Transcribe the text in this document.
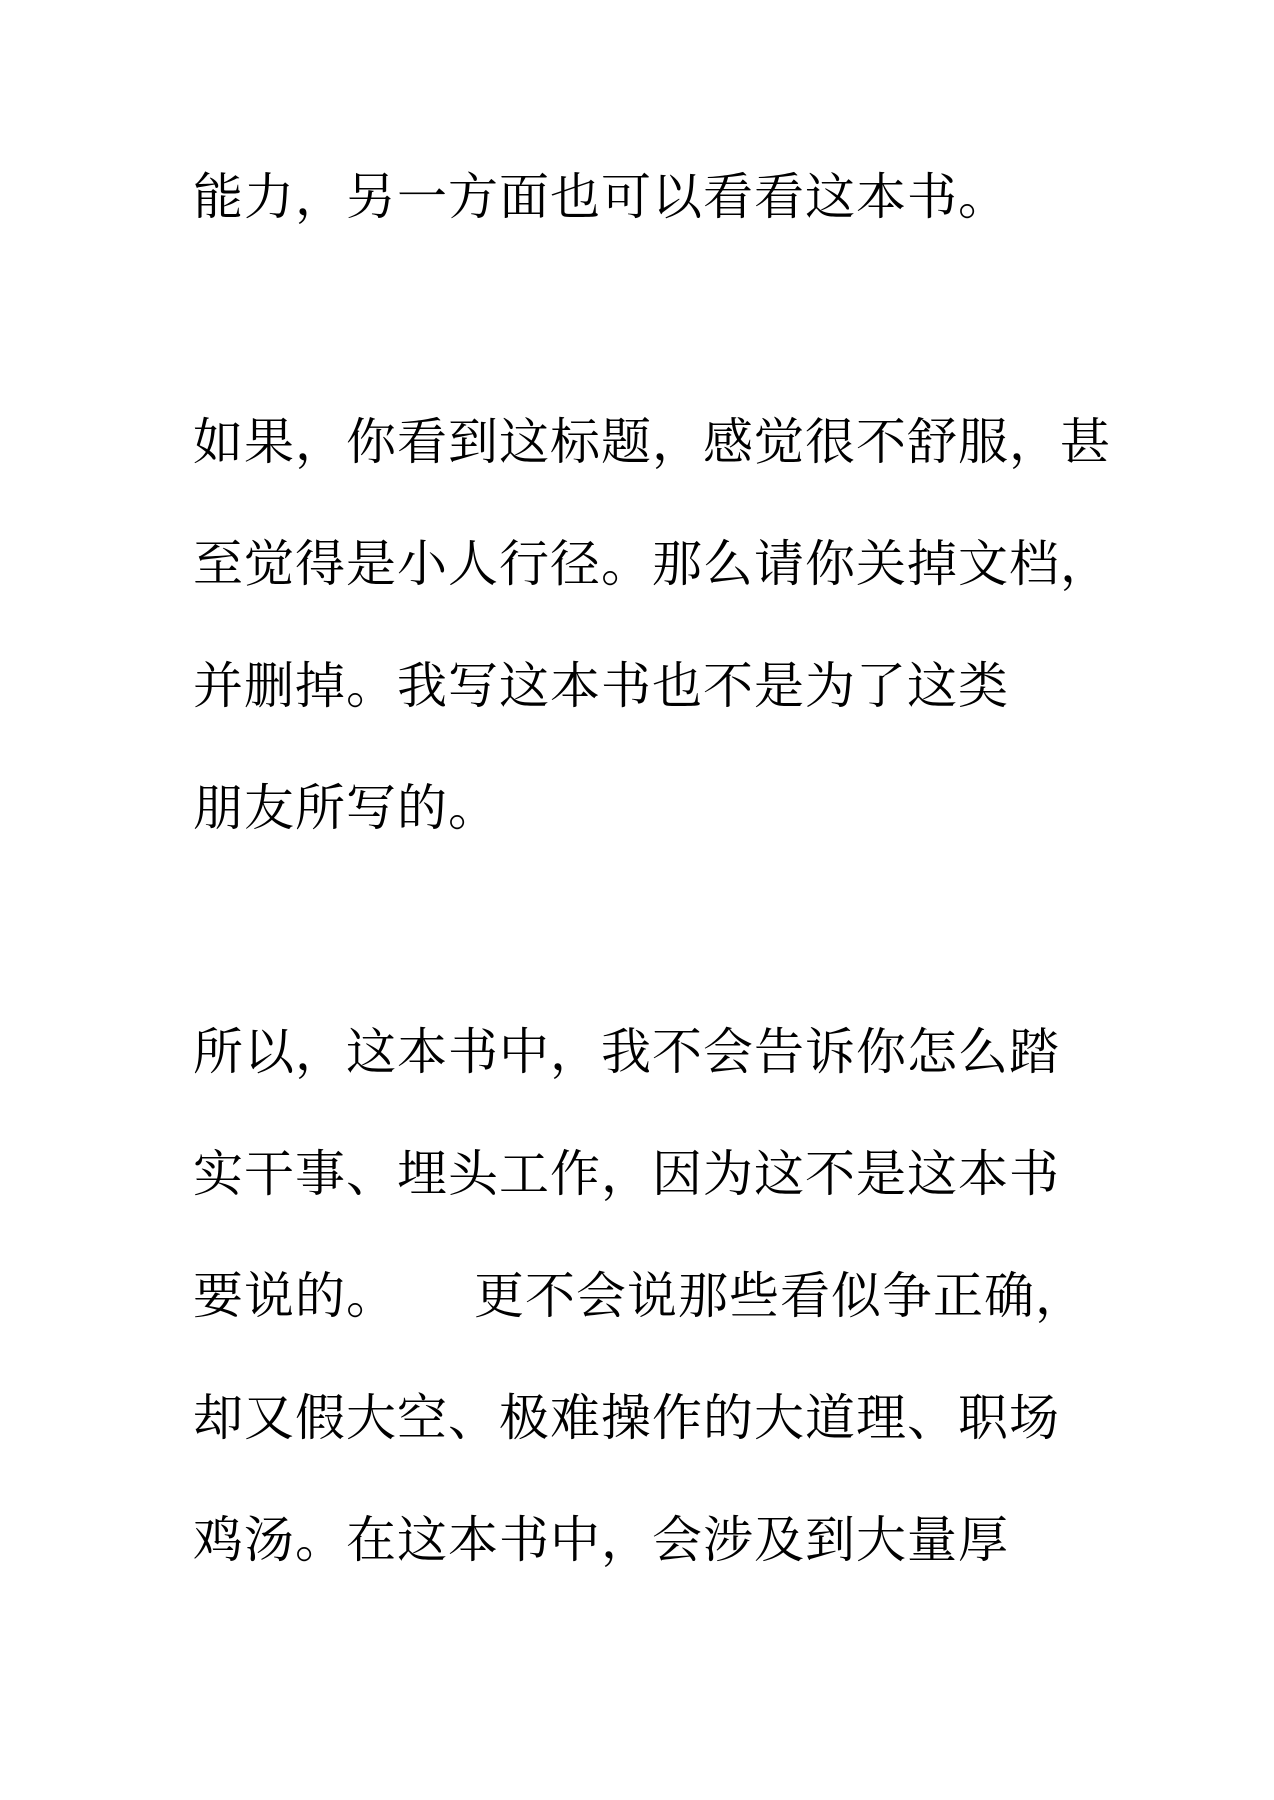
能力，另一方面也可以看看这本书。

如果，你看到这标题，感觉很不舒服，甚

至觉得是小人行径。那么请你关掉文档，

并删掉。我写这本书也不是为了这类

朋友所写的。

所以，这本书中，我不会告诉你怎么踏

实干事、埋头工作，因为这不是这本书

要说的。　　更不会说那些看似争正确，

却又假大空、极难操作的大道理、职场

鸡汤。在这本书中，会涉及到大量厚
